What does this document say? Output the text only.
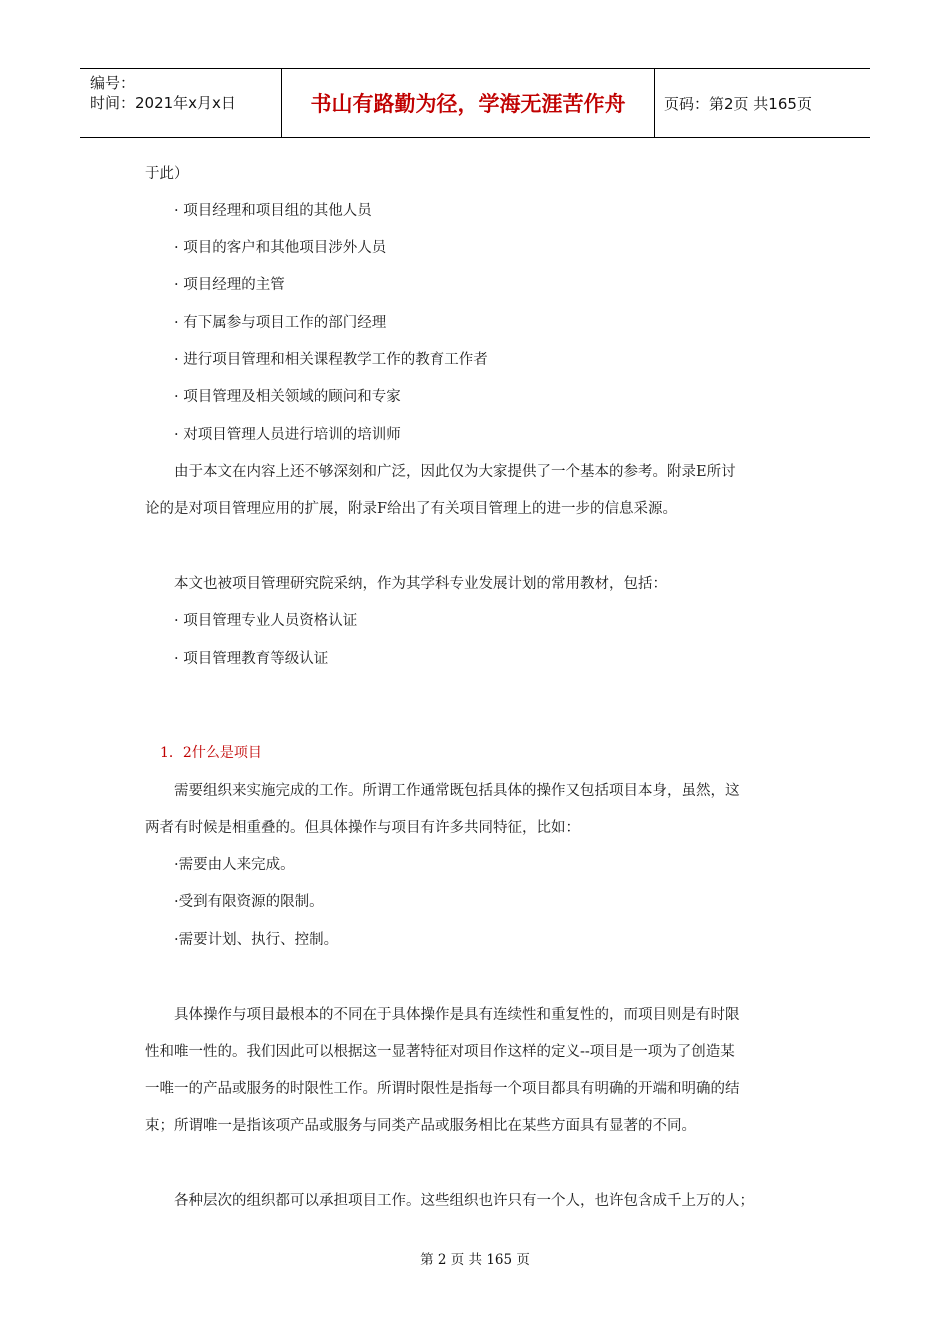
编号：
时间：2021年x月x日	书山有路勤为径，学海无涯苦作舟	页码：第2页 共165页
于此）
· 项目经理和项目组的其他人员
· 项目的客户和其他项目涉外人员
· 项目经理的主管
· 有下属参与项目工作的部门经理
· 进行项目管理和相关课程教学工作的教育工作者
· 项目管理及相关领域的顾问和专家
· 对项目管理人员进行培训的培训师
由于本文在内容上还不够深刻和广泛，因此仅为大家提供了一个基本的参考。附录E所讨
论的是对项目管理应用的扩展，附录F给出了有关项目管理上的进一步的信息采源。
本文也被项目管理研究院采纳，作为其学科专业发展计划的常用教材，包括：
· 项目管理专业人员资格认证
· 项目管理教育等级认证
1．2什么是项目
需要组织来实施完成的工作。所谓工作通常既包括具体的操作又包括项目本身，虽然，这
两者有时候是相重叠的。但具体操作与项目有许多共同特征，比如：
·需要由人来完成。
·受到有限资源的限制。
·需要计划、执行、控制。
具体操作与项目最根本的不同在于具体操作是具有连续性和重复性的，而项目则是有时限
性和唯一性的。我们因此可以根据这一显著特征对项目作这样的定义--项目是一项为了创造某
一唯一的产品或服务的时限性工作。所谓时限性是指每一个项目都具有明确的开端和明确的结
束；所谓唯一是指该项产品或服务与同类产品或服务相比在某些方面具有显著的不同。
各种层次的组织都可以承担项目工作。这些组织也许只有一个人，也许包含成千上万的人；
第 2 页 共 165 页
